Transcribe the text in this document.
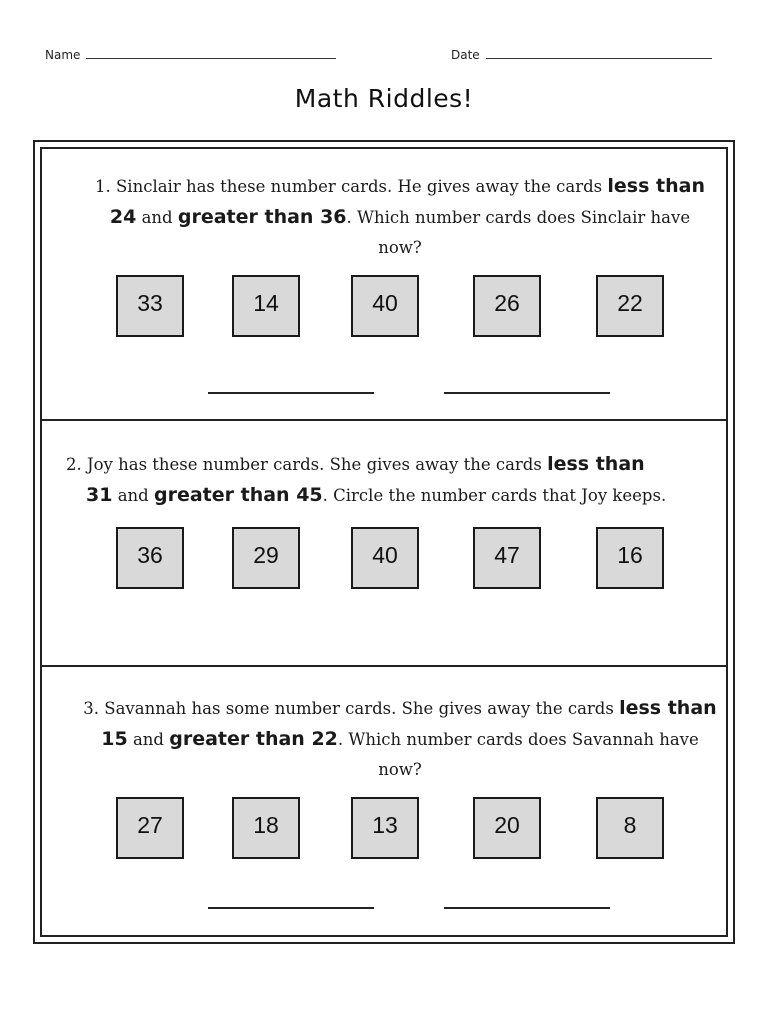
Name	Date
Math Riddles!
1. Sinclair has these number cards. He gives away the cards less than 24 and greater than 36. Which number cards does Sinclair have now?
33	14	40	26	22
2. Joy has these number cards. She gives away the cards less than
31 and greater than 45. Circle the number cards that Joy keeps.
36	29	40	47	16
3. Savannah has some number cards. She gives away the cards less than 15 and greater than 22. Which number cards does Savannah have now?
27	18	13	20	8
